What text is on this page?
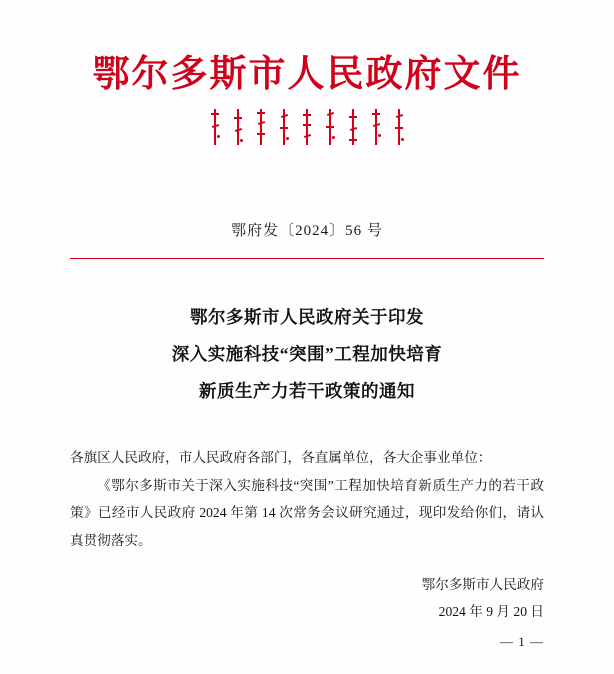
鄂尔多斯市人民政府文件
鄂府发〔2024〕56 号
鄂尔多斯市人民政府关于印发
深入实施科技“突围”工程加快培育
新质生产力若干政策的通知

各旗区人民政府，市人民政府各部门，各直属单位，各大企事业单位：

《鄂尔多斯市关于深入实施科技“突围”工程加快培育新质生产力的若干政策》已经市人民政府 2024 年第 14 次常务会议研究通过，现印发给你们，请认真贯彻落实。

鄂尔多斯市人民政府
2024 年 9 月 20 日
— 1 —
